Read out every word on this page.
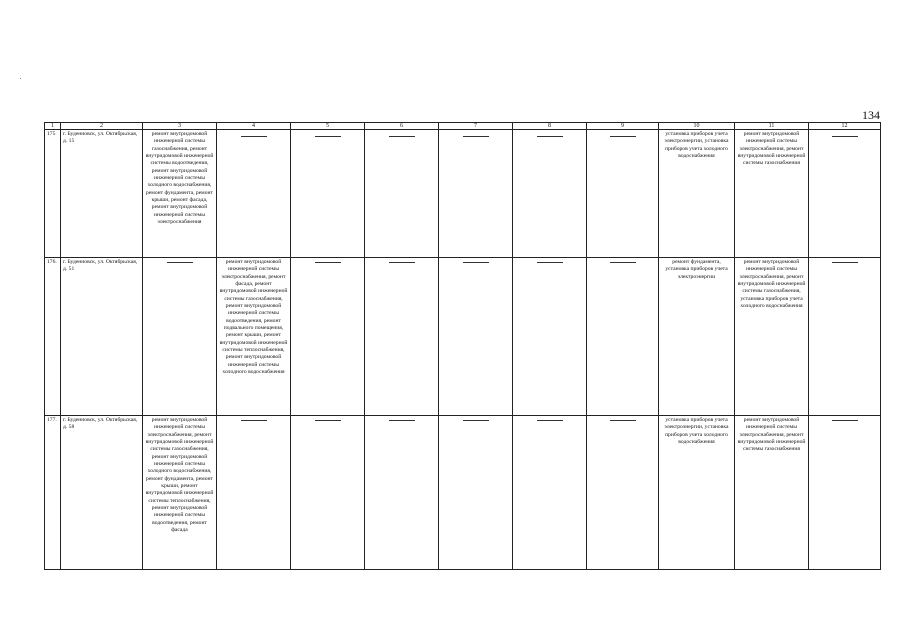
134
1	2	3	4	5	6	7	8	9	10	11	12
175	г. Буденновск, ул. Октябрьская, д. 15	ремонт внутридомовой инженерной системы газоснабжения, ремонт внутридомовой инженерной системы водоотведения, ремонт внутридомовой инженерной системы холодного водоснабжения, ремонт фундамента, ремонт крыши, ремонт фасада, ремонт внутридомовой инженерной системы электроснабжения							установка приборов учета электроэнергии, установка приборов учета холодного водоснабжения	ремонт внутридомовой инженерной системы электроснабжения, ремонт внутридомовой инженерной системы газоснабжения	

176.	г. Буденновск, ул. Октябрьская, д. 51		ремонт внутридомовой инженерной системы электроснабжения, ремонт фасада, ремонт внутридомовой инженерной системы газоснабжения, ремонт внутридомовой инженерной системы водоотведения, ремонт подвального помещения, ремонт крыши, ремонт внутридомовой инженерной системы теплоснабжения, ремонт внутридомовой инженерной системы холодного водоснабжения						ремонт фундамента, установка приборов учета электроэнергии	ремонт внутридомовой инженерной системы электроснабжения, ремонт внутридомовой инженерной системы газоснабжения, установка приборов учета холодного водоснабжения	

177.	г. Буденновск, ул. Октябрьская, д. 58	ремонт внутридомовой инженерной системы электроснабжения, ремонт внутридомовой инженерной системы газоснабжения, ремонт внутридомовой инженерной системы холодного водоснабжения, ремонт фундамента, ремонт крыши, ремонт внутридомовой инженерной системы теплоснабжения, ремонт внутридомовой инженерной системы водоотведения, ремонт фасада							установка приборов учета электроэнергии, установка приборов учета холодного водоснабжения	ремонт внутридомовой инженерной системы электроснабжения, ремонт внутридомовой инженерной системы газоснабжения	
